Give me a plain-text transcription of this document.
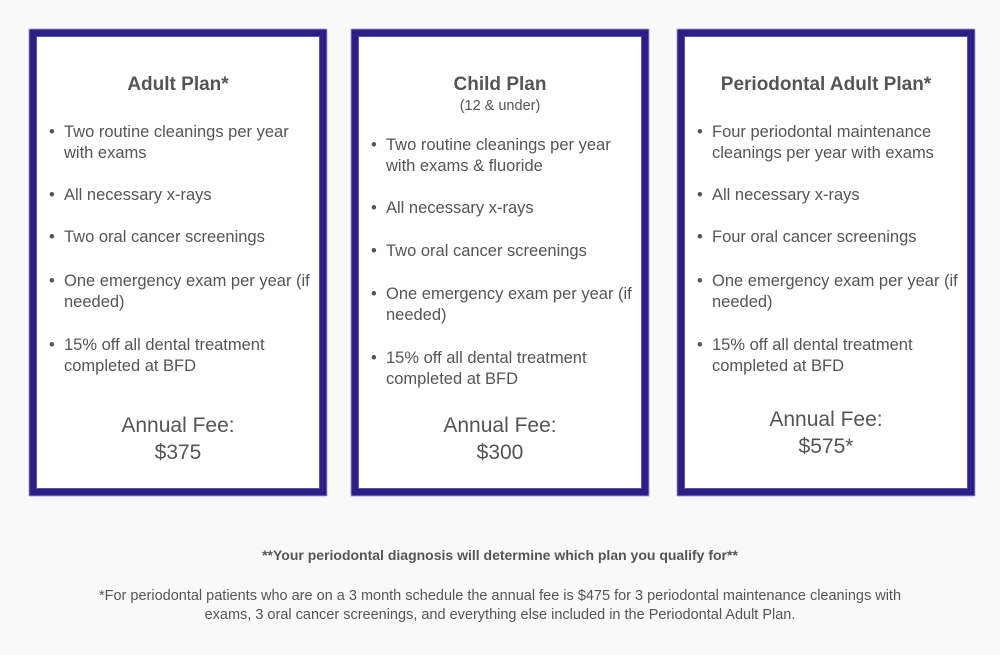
Adult Plan*
• Two routine cleanings per year with exams
• All necessary x-rays
• Two oral cancer screenings
• One emergency exam per year (if needed)
• 15% off all dental treatment completed at BFD
Annual Fee:
$375
Child Plan
(12 & under)
• Two routine cleanings per year with exams & fluoride
• All necessary x-rays
• Two oral cancer screenings
• One emergency exam per year (if needed)
• 15% off all dental treatment completed at BFD
Annual Fee:
$300
Periodontal Adult Plan*
• Four periodontal maintenance cleanings per year with exams
• All necessary x-rays
• Four oral cancer screenings
• One emergency exam per year (if needed)
• 15% off all dental treatment completed at BFD
Annual Fee:
$575*
**Your periodontal diagnosis will determine which plan you qualify for**
*For periodontal patients who are on a 3 month schedule the annual fee is $475 for 3 periodontal maintenance cleanings with exams, 3 oral cancer screenings, and everything else included in the Periodontal Adult Plan.
